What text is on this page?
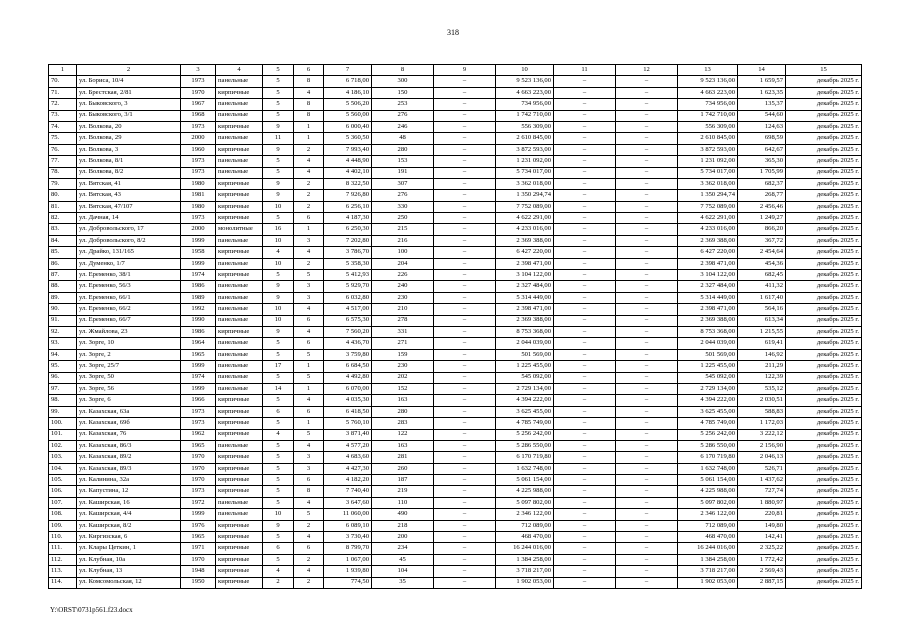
318
1	2	3	4	5	6	7	8	9	10	11	12	13	14	15
70.	ул. Бориса, 10/4	1973	панельные	5	8	6 718,00	300	–	9 523 136,00	–	–	9 523 136,00	1 659,57	декабрь 2025 г.
71.	ул. Брестская, 2/81	1970	кирпичные	5	4	4 186,10	150	–	4 663 223,00	–	–	4 663 223,00	1 623,35	декабрь 2025 г.
72.	ул. Быковского, 3	1967	панельные	5	8	5 506,20	253	–	734 956,00	–	–	734 956,00	135,37	декабрь 2025 г.
73.	ул. Быковского, 3/1	1968	панельные	5	8	5 560,00	276	–	1 742 710,00	–	–	1 742 710,00	544,60	декабрь 2025 г.
74.	ул. Волкова, 20	1973	кирпичные	9	1	6 000,40	246	–	556 309,00	–	–	556 309,00	124,63	декабрь 2025 г.
75.	ул. Волкова, 29	2000	панельные	11	1	5 360,50	48	–	2 610 845,00	–	–	2 610 845,00	698,59	декабрь 2025 г.
76.	ул. Волкова, 3	1960	кирпичные	9	2	7 993,40	280	–	3 872 593,00	–	–	3 872 593,00	642,67	декабрь 2025 г.
77.	ул. Волкова, 8/1	1973	панельные	5	4	4 448,90	153	–	1 231 092,00	–	–	1 231 092,00	365,30	декабрь 2025 г.
78.	ул. Волкова, 8/2	1973	панельные	5	4	4 402,10	191	–	5 734 017,00	–	–	5 734 017,00	1 705,99	декабрь 2025 г.
79.	ул. Вятская, 41	1980	кирпичные	9	2	8 322,50	307	–	3 362 018,00	–	–	3 362 018,00	682,37	декабрь 2025 г.
80.	ул. Вятская, 43	1981	кирпичные	9	2	7 926,80	276	–	1 350 294,74	–	–	1 350 294,74	268,77	декабрь 2025 г.
81.	ул. Вятская, 47/107	1980	кирпичные	10	2	6 256,10	330	–	7 752 089,00	–	–	7 752 089,00	2 456,46	декабрь 2025 г.
82.	ул. Дачная, 14	1973	кирпичные	5	6	4 187,30	250	–	4 622 291,00	–	–	4 622 291,00	1 249,27	декабрь 2025 г.
83.	ул. Добровольского, 17	2000	монолитные	16	1	6 250,30	215	–	4 233 016,00	–	–	4 233 016,00	866,20	декабрь 2025 г.
84.	ул. Добровольского, 8/2	1999	панельные	10	3	7 202,80	216	–	2 369 388,00	–	–	2 369 388,00	367,72	декабрь 2025 г.
85.	ул. Драйко, 131/165	1958	кирпичные	4	4	3 786,70	100	–	6 427 220,00	–	–	6 427 220,00	2 454,64	декабрь 2025 г.
86.	ул. Думенко, 1/7	1999	панельные	10	2	5 358,30	204	–	2 398 471,00	–	–	2 398 471,00	454,36	декабрь 2025 г.
87.	ул. Еременко, 38/1	1974	кирпичные	5	5	5 412,93	226	–	3 104 122,00	–	–	3 104 122,00	682,45	декабрь 2025 г.
88.	ул. Еременко, 56/3	1986	панельные	9	3	5 929,70	240	–	2 327 484,00	–	–	2 327 484,00	411,32	декабрь 2025 г.
89.	ул. Еременко, 66/1	1989	панельные	9	3	6 032,80	230	–	5 314 449,00	–	–	5 314 449,00	1 617,40	декабрь 2025 г.
90.	ул. Еременко, 66/2	1992	панельные	10	4	4 517,00	210	–	2 398 471,00	–	–	2 398 471,00	564,16	декабрь 2025 г.
91.	ул. Еременко, 66/7	1990	панельные	10	6	6 575,30	278	–	2 369 388,00	–	–	2 369 388,00	613,34	декабрь 2025 г.
92.	ул. Жмайлова, 23	1986	кирпичные	9	4	7 560,20	331	–	8 753 368,00	–	–	8 753 368,00	1 215,55	декабрь 2025 г.
93.	ул. Зорге, 10	1964	панельные	5	6	4 436,70	271	–	2 044 039,00	–	–	2 044 039,00	619,41	декабрь 2025 г.
94.	ул. Зорге, 2	1965	панельные	5	5	3 759,80	159	–	501 569,00	–	–	501 569,00	146,92	декабрь 2025 г.
95.	ул. Зорге, 25/7	1999	панельные	17	1	6 684,50	230	–	1 225 455,00	–	–	1 225 455,00	211,29	декабрь 2025 г.
96.	ул. Зорге, 50	1974	панельные	5	5	4 492,80	202	–	545 092,00	–	–	545 092,00	122,39	декабрь 2025 г.
97.	ул. Зорге, 56	1999	панельные	14	1	6 070,00	152	–	2 729 134,00	–	–	2 729 134,00	535,12	декабрь 2025 г.
98.	ул. Зорге, 6	1966	кирпичные	5	4	4 035,30	163	–	4 394 222,00	–	–	4 394 222,00	2 030,51	декабрь 2025 г.
99.	ул. Казахская, 63а	1973	кирпичные	6	6	6 418,50	280	–	3 625 455,00	–	–	3 625 455,00	588,83	декабрь 2025 г.
100.	ул. Казахская, 69б	1973	кирпичные	5	1	5 760,10	283	–	4 785 749,00	–	–	4 785 749,00	1 172,03	декабрь 2025 г.
101.	ул. Казахская, 76	1962	кирпичные	4	5	3 871,40	122	–	5 256 242,00	–	–	5 256 242,00	3 222,12	декабрь 2025 г.
102.	ул. Казахская, 86/3	1965	панельные	5	4	4 577,20	163	–	5 286 550,00	–	–	5 286 550,00	2 156,90	декабрь 2025 г.
103.	ул. Казахская, 89/2	1970	кирпичные	5	3	4 683,60	281	–	6 170 719,80	–	–	6 170 719,80	2 046,13	декабрь 2025 г.
104.	ул. Казахская, 89/3	1970	кирпичные	5	3	4 427,30	260	–	1 632 748,00	–	–	1 632 748,00	526,71	декабрь 2025 г.
105.	ул. Калинина, 32а	1970	кирпичные	5	6	4 182,20	187	–	5 061 154,00	–	–	5 061 154,00	1 437,62	декабрь 2025 г.
106.	ул. Капустина, 12	1973	кирпичные	5	8	7 740,40	219	–	4 225 988,00	–	–	4 225 988,00	727,74	декабрь 2025 г.
107.	ул. Каширская, 16	1972	панельные	5	4	3 647,60	110	–	5 097 802,00	–	–	5 097 802,00	1 880,97	декабрь 2025 г.
108.	ул. Каширская, 4/4	1999	панельные	10	5	11 060,00	490	–	2 346 122,00	–	–	2 346 122,00	220,81	декабрь 2025 г.
109.	ул. Каширская, 8/2	1976	кирпичные	9	2	6 089,10	218	–	712 089,00	–	–	712 089,00	149,80	декабрь 2025 г.
110.	ул. Киргизская, 6	1965	кирпичные	5	4	3 730,40	200	–	468 470,00	–	–	468 470,00	142,41	декабрь 2025 г.
111.	ул. Клары Цеткин, 1	1971	кирпичные	6	6	8 799,70	234	–	16 244 016,00	–	–	16 244 016,00	2 325,22	декабрь 2025 г.
112.	ул. Клубная, 10а	1970	кирпичные	5	2	1 067,00	45	–	1 384 258,00	–	–	1 384 258,00	1 772,42	декабрь 2025 г.
113.	ул. Клубная, 13	1948	кирпичные	4	4	1 939,80	104	–	3 718 217,00	–	–	3 718 217,00	2 569,43	декабрь 2025 г.
114.	ул. Комсомольская, 12	1950	кирпичные	2	2	774,50	35	–	1 902 053,00	–	–	1 902 053,00	2 887,15	декабрь 2025 г.
Y:\ORST\0731p561.f23.docx
